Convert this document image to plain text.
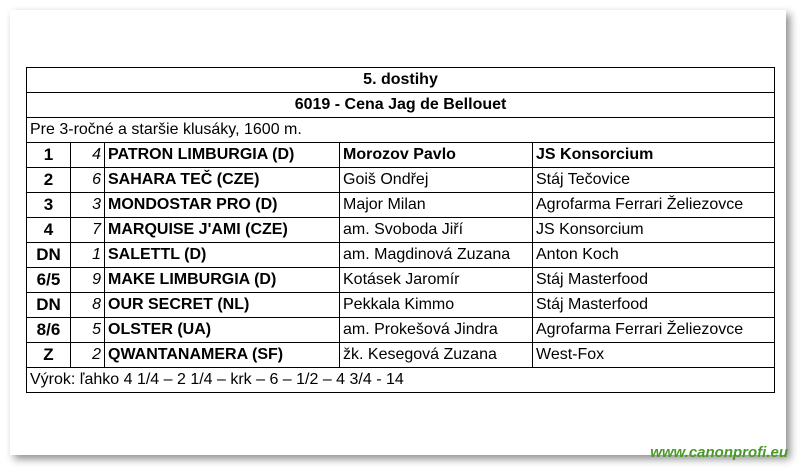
5. dostihy				
6019 - Cena Jag de Bellouet				
Pre 3-ročné a staršie klusáky, 1600 m.				
1	4	PATRON LIMBURGIA (D)	Morozov Pavlo	JS Konsorcium
2	6	SAHARA TEČ (CZE)	Goiš Ondřej	Stáj Tečovice
3	3	MONDOSTAR PRO (D)	Major Milan	Agrofarma Ferrari Želiezovce
4	7	MARQUISE J'AMI (CZE)	am. Svoboda Jiří	JS Konsorcium
DN	1	SALETTL (D)	am. Magdinová Zuzana	Anton Koch
6/5	9	MAKE LIMBURGIA (D)	Kotásek Jaromír	Stáj Masterfood
DN	8	OUR SECRET (NL)	Pekkala Kimmo	Stáj Masterfood
8/6	5	OLSTER (UA)	am. Prokešová Jindra	Agrofarma Ferrari Želiezovce
Z	2	QWANTANAMERA (SF)	žk. Kesegová Zuzana	West-Fox
Výrok: ľahko 4 1/4 – 2 1/4 – krk – 6 – 1/2 – 4 3/4 - 14				
www.canonprofi.eu
